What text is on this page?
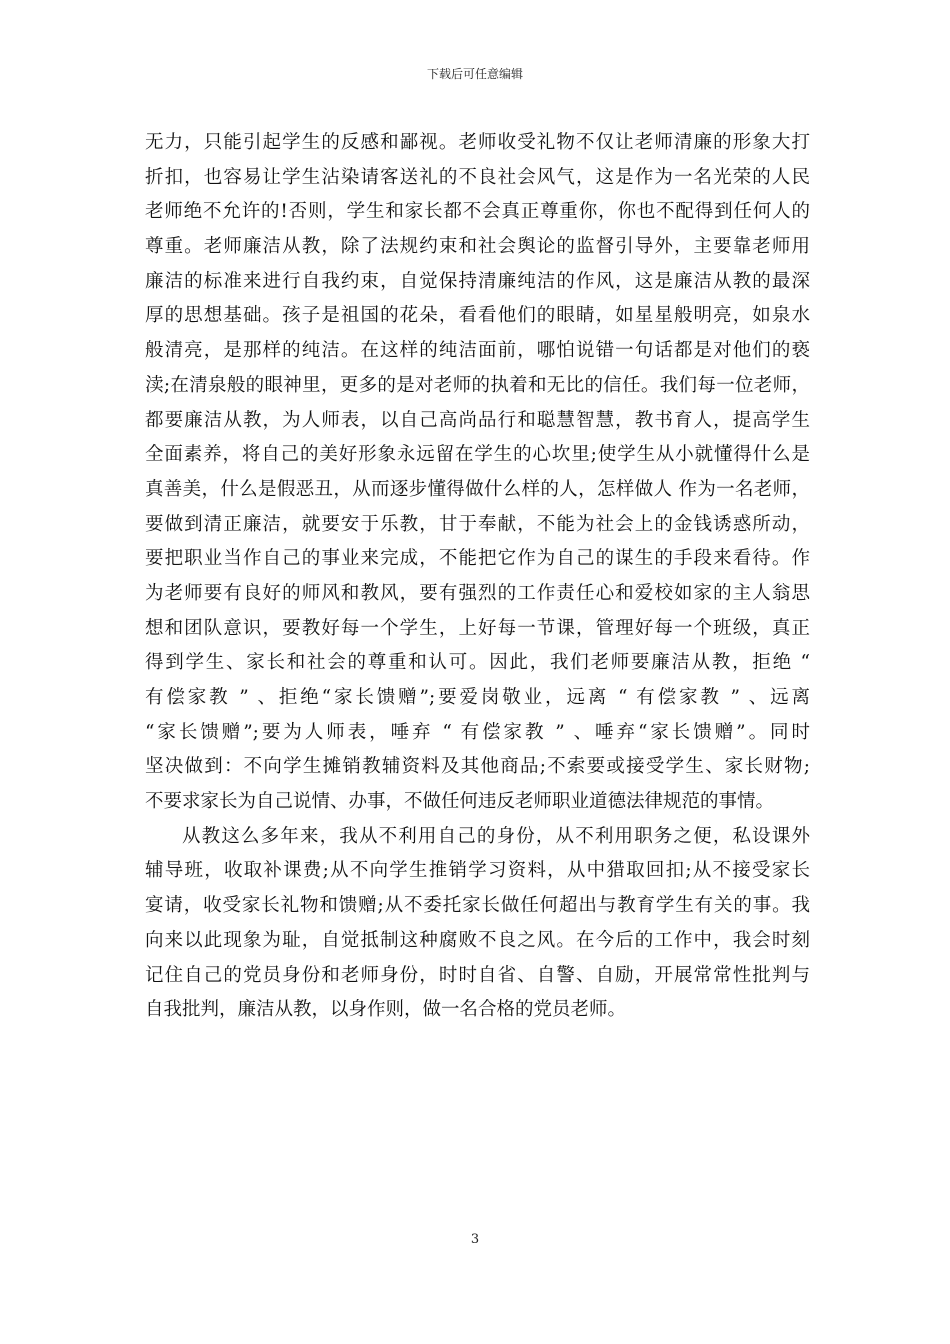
下载后可任意编辑
无力，只能引起学生的反感和鄙视。老师收受礼物不仅让老师清廉的形象大打
折扣，也容易让学生沾染请客送礼的不良社会风气，这是作为一名光荣的人民
老师绝不允许的!否则，学生和家长都不会真正尊重你，你也不配得到任何人的
尊重。老师廉洁从教，除了法规约束和社会舆论的监督引导外，主要靠老师用
廉洁的标准来进行自我约束，自觉保持清廉纯洁的作风，这是廉洁从教的最深
厚的思想基础。孩子是祖国的花朵，看看他们的眼睛，如星星般明亮，如泉水
般清亮，是那样的纯洁。在这样的纯洁面前，哪怕说错一句话都是对他们的亵
渎;在清泉般的眼神里，更多的是对老师的执着和无比的信任。我们每一位老师，
都要廉洁从教，为人师表，以自己高尚品行和聪慧智慧，教书育人，提高学生
全面素养，将自己的美好形象永远留在学生的心坎里;使学生从小就懂得什么是
真善美，什么是假恶丑，从而逐步懂得做什么样的人，怎样做人 作为一名老师，
要做到清正廉洁，就要安于乐教，甘于奉献，不能为社会上的金钱诱惑所动，
要把职业当作自己的事业来完成，不能把它作为自己的谋生的手段来看待。作
为老师要有良好的师风和教风，要有强烈的工作责任心和爱校如家的主人翁思
想和团队意识，要教好每一个学生，上好每一节课，管理好每一个班级，真正
得到学生、家长和社会的尊重和认可。因此，我们老师要廉洁从教，拒绝 “
有偿家教 ” 、拒绝“家长馈赠”;要爱岗敬业，远离 “ 有偿家教 ” 、远离
“家长馈赠”;要为人师表，唾弃 “ 有偿家教 ” 、唾弃“家长馈赠”。同时
坚决做到：不向学生摊销教辅资料及其他商品;不索要或接受学生、家长财物;
不要求家长为自己说情、办事，不做任何违反老师职业道德法律规范的事情。
从教这么多年来，我从不利用自己的身份，从不利用职务之便，私设课外
辅导班，收取补课费;从不向学生推销学习资料，从中猎取回扣;从不接受家长
宴请，收受家长礼物和馈赠;从不委托家长做任何超出与教育学生有关的事。我
向来以此现象为耻，自觉抵制这种腐败不良之风。在今后的工作中，我会时刻
记住自己的党员身份和老师身份，时时自省、自警、自励，开展常常性批判与
自我批判，廉洁从教，以身作则，做一名合格的党员老师。
3
